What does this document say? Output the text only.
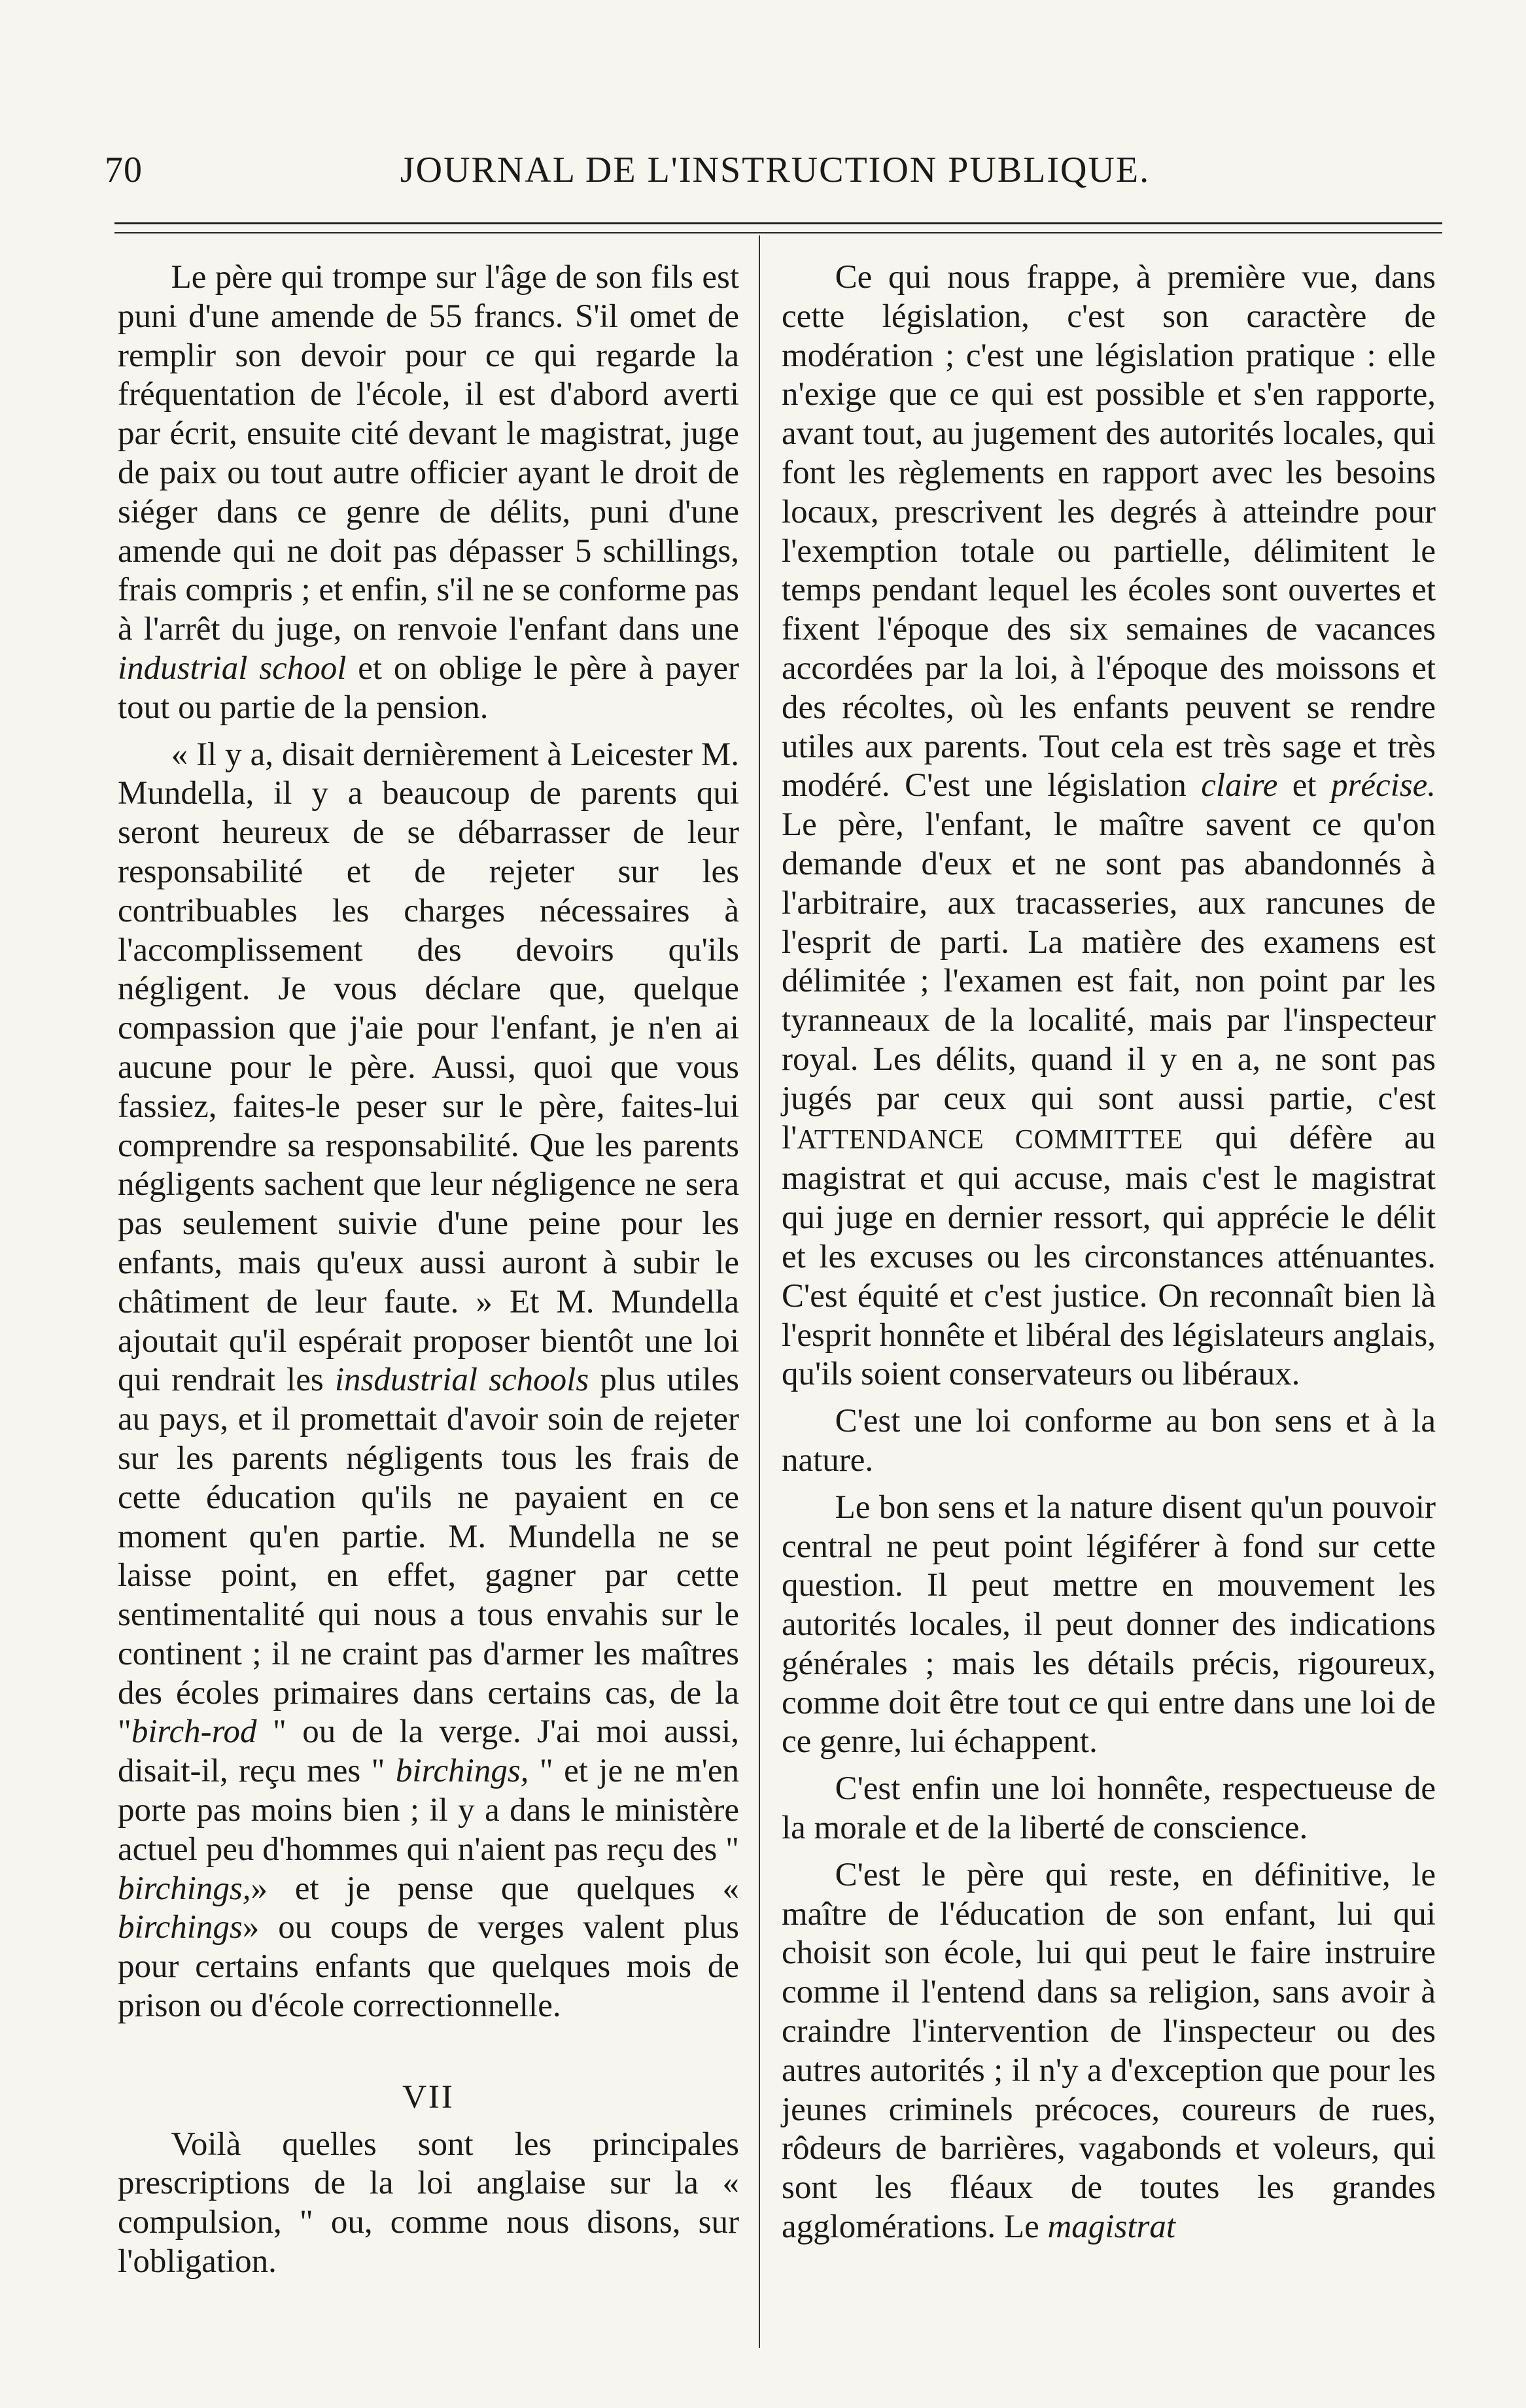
70	JOURNAL DE L'INSTRUCTION PUBLIQUE.

Le père qui trompe sur l'âge de son fils est puni d'une amende de 55 francs. S'il omet de remplir son devoir pour ce qui regarde la fréquentation de l'école, il est d'abord averti par écrit, ensuite cité devant le magistrat, juge de paix ou tout autre officier ayant le droit de siéger dans ce genre de délits, puni d'une amende qui ne doit pas dépasser 5 schillings, frais compris ; et enfin, s'il ne se conforme pas à l'arrêt du juge, on renvoie l'enfant dans une industrial school et on oblige le père à payer tout ou partie de la pension.

« Il y a, disait dernièrement à Leicester M. Mundella, il y a beaucoup de parents qui seront heureux de se débarrasser de leur responsabilité et de rejeter sur les contribuables les charges nécessaires à l'accomplissement des devoirs qu'ils négligent. Je vous déclare que, quelque compassion que j'aie pour l'enfant, je n'en ai aucune pour le père. Aussi, quoi que vous fassiez, faites-le peser sur le père, faites-lui comprendre sa responsabilité. Que les parents négligents sachent que leur négligence ne sera pas seulement suivie d'une peine pour les enfants, mais qu'eux aussi auront à subir le châtiment de leur faute. » Et M. Mundella ajoutait qu'il espérait proposer bientôt une loi qui rendrait les insdustrial schools plus utiles au pays, et il promettait d'avoir soin de rejeter sur les parents négligents tous les frais de cette éducation qu'ils ne payaient en ce moment qu'en partie. M. Mundella ne se laisse point, en effet, gagner par cette sentimentalité qui nous a tous envahis sur le continent ; il ne craint pas d'armer les maîtres des écoles primaires dans certains cas, de la "birch-rod " ou de la verge. J'ai moi aussi, disait-il, reçu mes " birchings, " et je ne m'en porte pas moins bien ; il y a dans le ministère actuel peu d'hommes qui n'aient pas reçu des " birchings,» et je pense que quelques « birchings» ou coups de verges valent plus pour certains enfants que quelques mois de prison ou d'école correctionnelle.

VII

Voilà quelles sont les principales prescriptions de la loi anglaise sur la « compulsion, " ou, comme nous disons, sur l'obligation.

Ce qui nous frappe, à première vue, dans cette législation, c'est son caractère de modération ; c'est une législation pratique : elle n'exige que ce qui est possible et s'en rapporte, avant tout, au jugement des autorités locales, qui font les règlements en rapport avec les besoins locaux, prescrivent les degrés à atteindre pour l'exemption totale ou partielle, délimitent le temps pendant lequel les écoles sont ouvertes et fixent l'époque des six semaines de vacances accordées par la loi, à l'époque des moissons et des récoltes, où les enfants peuvent se rendre utiles aux parents. Tout cela est très sage et très modéré. C'est une législation claire et précise. Le père, l'enfant, le maître savent ce qu'on demande d'eux et ne sont pas abandonnés à l'arbitraire, aux tracasseries, aux rancunes de l'esprit de parti. La matière des examens est délimitée ; l'examen est fait, non point par les tyranneaux de la localité, mais par l'inspecteur royal. Les délits, quand il y en a, ne sont pas jugés par ceux qui sont aussi partie, c'est l'ATTENDANCE COMMITTEE qui défère au magistrat et qui accuse, mais c'est le magistrat qui juge en dernier ressort, qui apprécie le délit et les excuses ou les circonstances atténuantes. C'est équité et c'est justice. On reconnaît bien là l'esprit honnête et libéral des législateurs anglais, qu'ils soient conservateurs ou libéraux.

C'est une loi conforme au bon sens et à la nature.

Le bon sens et la nature disent qu'un pouvoir central ne peut point légiférer à fond sur cette question. Il peut mettre en mouvement les autorités locales, il peut donner des indications générales ; mais les détails précis, rigoureux, comme doit être tout ce qui entre dans une loi de ce genre, lui échappent.

C'est enfin une loi honnête, respectueuse de la morale et de la liberté de conscience.

C'est le père qui reste, en définitive, le maître de l'éducation de son enfant, lui qui choisit son école, lui qui peut le faire instruire comme il l'entend dans sa religion, sans avoir à craindre l'intervention de l'inspecteur ou des autres autorités ; il n'y a d'exception que pour les jeunes criminels précoces, coureurs de rues, rôdeurs de barrières, vagabonds et voleurs, qui sont les fléaux de toutes les grandes agglomérations. Le magistrat
